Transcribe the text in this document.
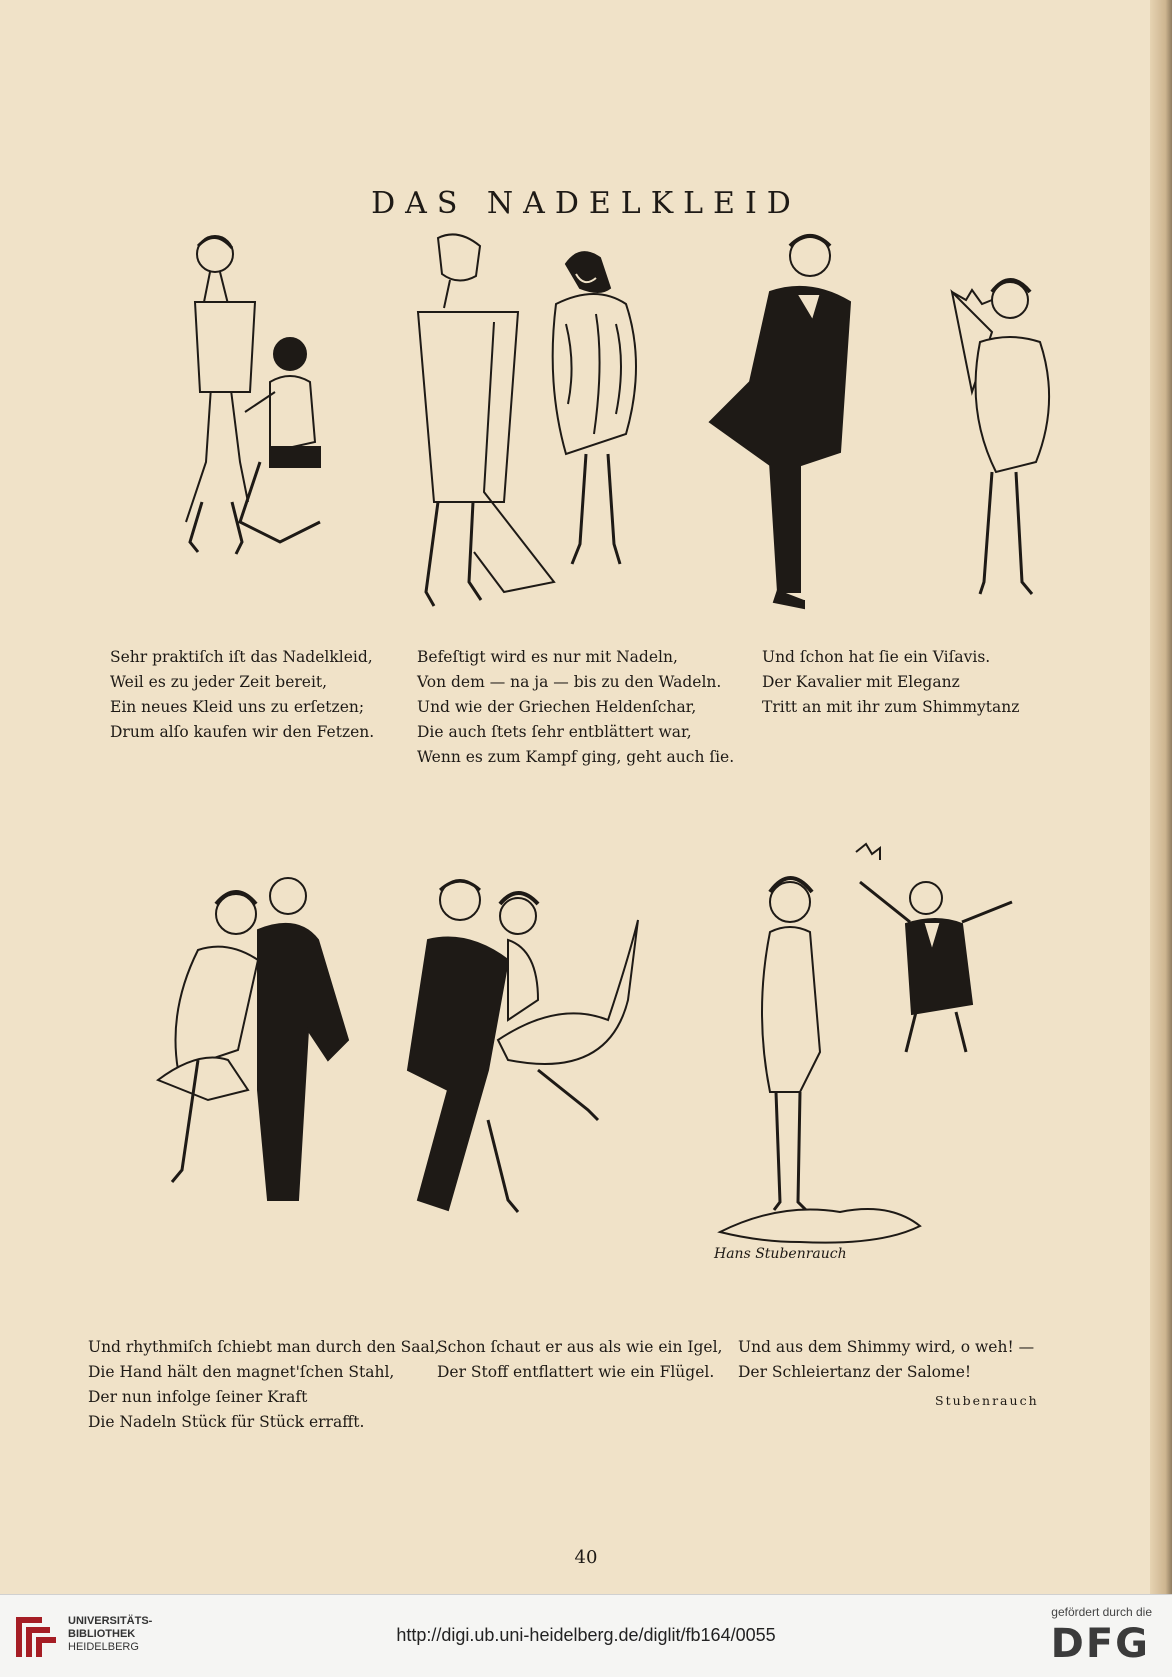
DAS NADELKLEID
Sehr praktiſch iſt das Nadelkleid,
Weil es zu jeder Zeit bereit,
Ein neues Kleid uns zu erſetzen;
Drum alſo kaufen wir den Fetzen.
Befeſtigt wird es nur mit Nadeln,
Von dem — na ja — bis zu den Wadeln.
Und wie der Griechen Heldenſchar,
Die auch ſtets ſehr entblättert war,
Wenn es zum Kampf ging, geht auch ſie.
Und ſchon hat ſie ein Viſavis.
Der Kavalier mit Eleganz
Tritt an mit ihr zum Shimmytanz
Hans Stubenrauch
Und rhythmiſch ſchiebt man durch den Saal,
Die Hand hält den magnet'ſchen Stahl,
Der nun infolge ſeiner Kraft
Die Nadeln Stück für Stück errafft.
Schon ſchaut er aus als wie ein Igel,
Der Stoff entflattert wie ein Flügel.
Und aus dem Shimmy wird, o weh! —
Der Schleiertanz der Salome!
Stubenrauch
40
UNIVERSITÄTS-
BIBLIOTHEK
HEIDELBERG
http://digi.ub.uni-heidelberg.de/diglit/fb164/0055
gefördert durch die
DFG
